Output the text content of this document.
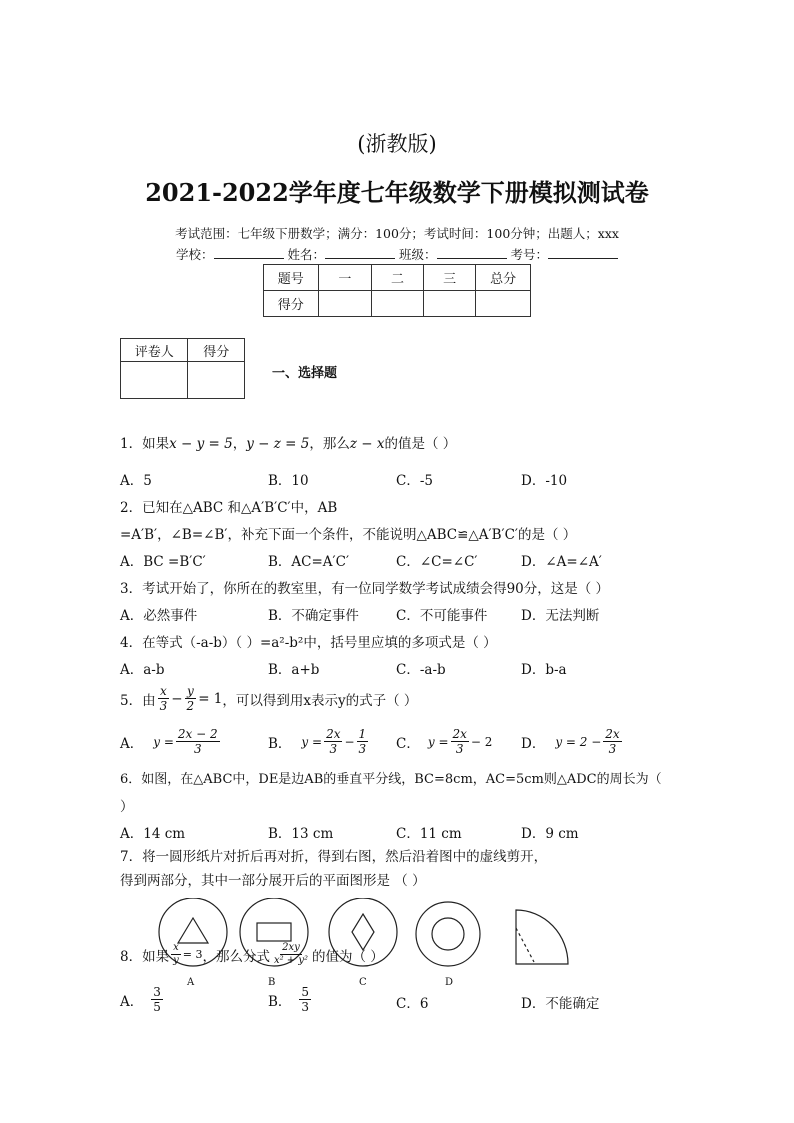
(浙教版)
2021-2022学年度七年级数学下册模拟测试卷
考试范围：七年级下册数学；满分：100分；考试时间：100分钟；出题人；xxx
学校：	姓名：	班级：	考号：
题号	一	二	三	总分
得分				
评卷人	得分

一、选择题
1．如果x − y = 5，y − z = 5，那么z − x的值是（ ）
A．5	B．10	C．-5	D．-10
2．已知在△ABC 和△A′B′C′中，AB
=A′B′，∠B=∠B′，补充下面一个条件，不能说明△ABC≌△A′B′C′的是（ ）
A．BC =B′C′	B．AC=A′C′	C．∠C=∠C′	D．∠A=∠A′
3．考试开始了，你所在的教室里，有一位同学数学考试成绩会得90分，这是（ ）
A．必然事件	B．不确定事件	C．不可能事件 D．无法判断
4．在等式（-a-b）（ ）=a²-b²中，括号里应填的多项式是（ ）
A．a-b	B．a+b	C．-a-b	D．b-a
5．由 $\frac{x}{3} - \frac{y}{2} = 1$ ，可以得到用x表示y的式子（ ）
A． $y = \frac{2x - 2}{3}$	B． $y = \frac{2x}{3} - \frac{1}{3}$ C． $y = \frac{2x}{3} - 2$ D． $y = 2 - \frac{2x}{3}$
6．如图，在△ABC中，DE是边AB的垂直平分线，BC=8cm，AC=5cm则△ADC的周长为（
）
A．14 cm	B．13 cm	C．11 cm	D．9 cm
7．将一圆形纸片对折后再对折，得到右图，然后沿着图中的虚线剪开，
得到两部分，其中一部分展开后的平面图形是 （ ）
A	B	C	D
8．如果 $\frac{x}{y} = 3$ ，那么分式 $\frac{2xy}{\text{x² + y²}}$ 的值为（ ）
A． $\frac{3}{5}$	B． $\frac{5}{3}$	C．6	D．不能确定
